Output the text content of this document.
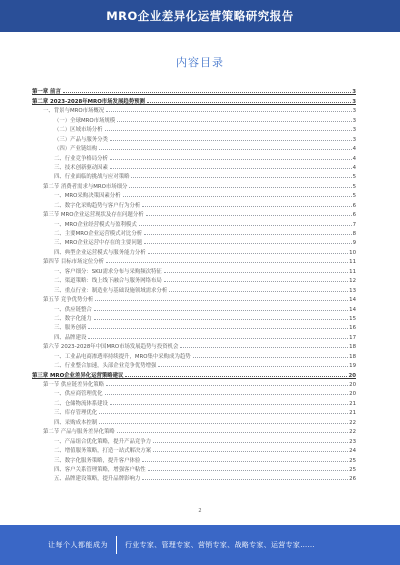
MRO企业差异化运营策略研究报告
内容目录
第一章 前言	3
第二章 2023-2028年MRO市场发展趋势预测	3
一、背景与MRO市场概况	3
（一）全球MRO市场规模	3
（二）区域市场分析	3
（三）产品与服务分类	3
（四）产业链结构	4
二、行业竞争格局分析	4
三、技术创新驱动因素	4
四、行业面临的挑战与应对策略	5
第二节 消费者需求与MRO市场细分	5
一、MRO采购决策因素分析	5
二、数字化采购趋势与客户行为分析	6
第三节 MRO企业运营现状及存在问题分析	6
一、MRO企业经营模式与盈利模式	7
二、主要MRO企业运营模式对比分析	8
三、MRO企业运营中存在的主要问题	9
四、典型企业运营模式与服务能力分析	10
第四节 目标市场定位分析	11
一、客户细分：SKU需求分布与采购频次特征	11
二、渠道策略：线上线下融合与服务网络布局	12
三、重点行业：制造业与基础设施领域需求分析	13
第五节 竞争优势分析	14
一、供应链整合	14
二、数字化能力	15
三、服务创新	16
四、品牌建设	17
第六节 2023-2028年中国MRO市场发展趋势与投资机会	18
一、工业品电商渗透率持续提升，MRO集中采购成为趋势	18
二、行业整合加速，头部企业竞争优势增强	19
第三章 MRO企业差异化运营策略建议	20
第一节 供应链差异化策略	20
一、供应商管理优化	20
二、仓储物流体系建设	21
三、库存管理优化	21
四、采购成本控制	22
第二节 产品与服务差异化策略	22
一、产品组合优化策略，提升产品竞争力	23
二、增值服务策略，打造一站式解决方案	24
三、数字化服务策略，提升客户体验	25
四、客户关系管理策略，增强客户粘性	25
五、品牌建设策略，提升品牌影响力	26
2
让每个人都能成为 行业专家、管理专家、营销专家、战略专家、运营专家……
